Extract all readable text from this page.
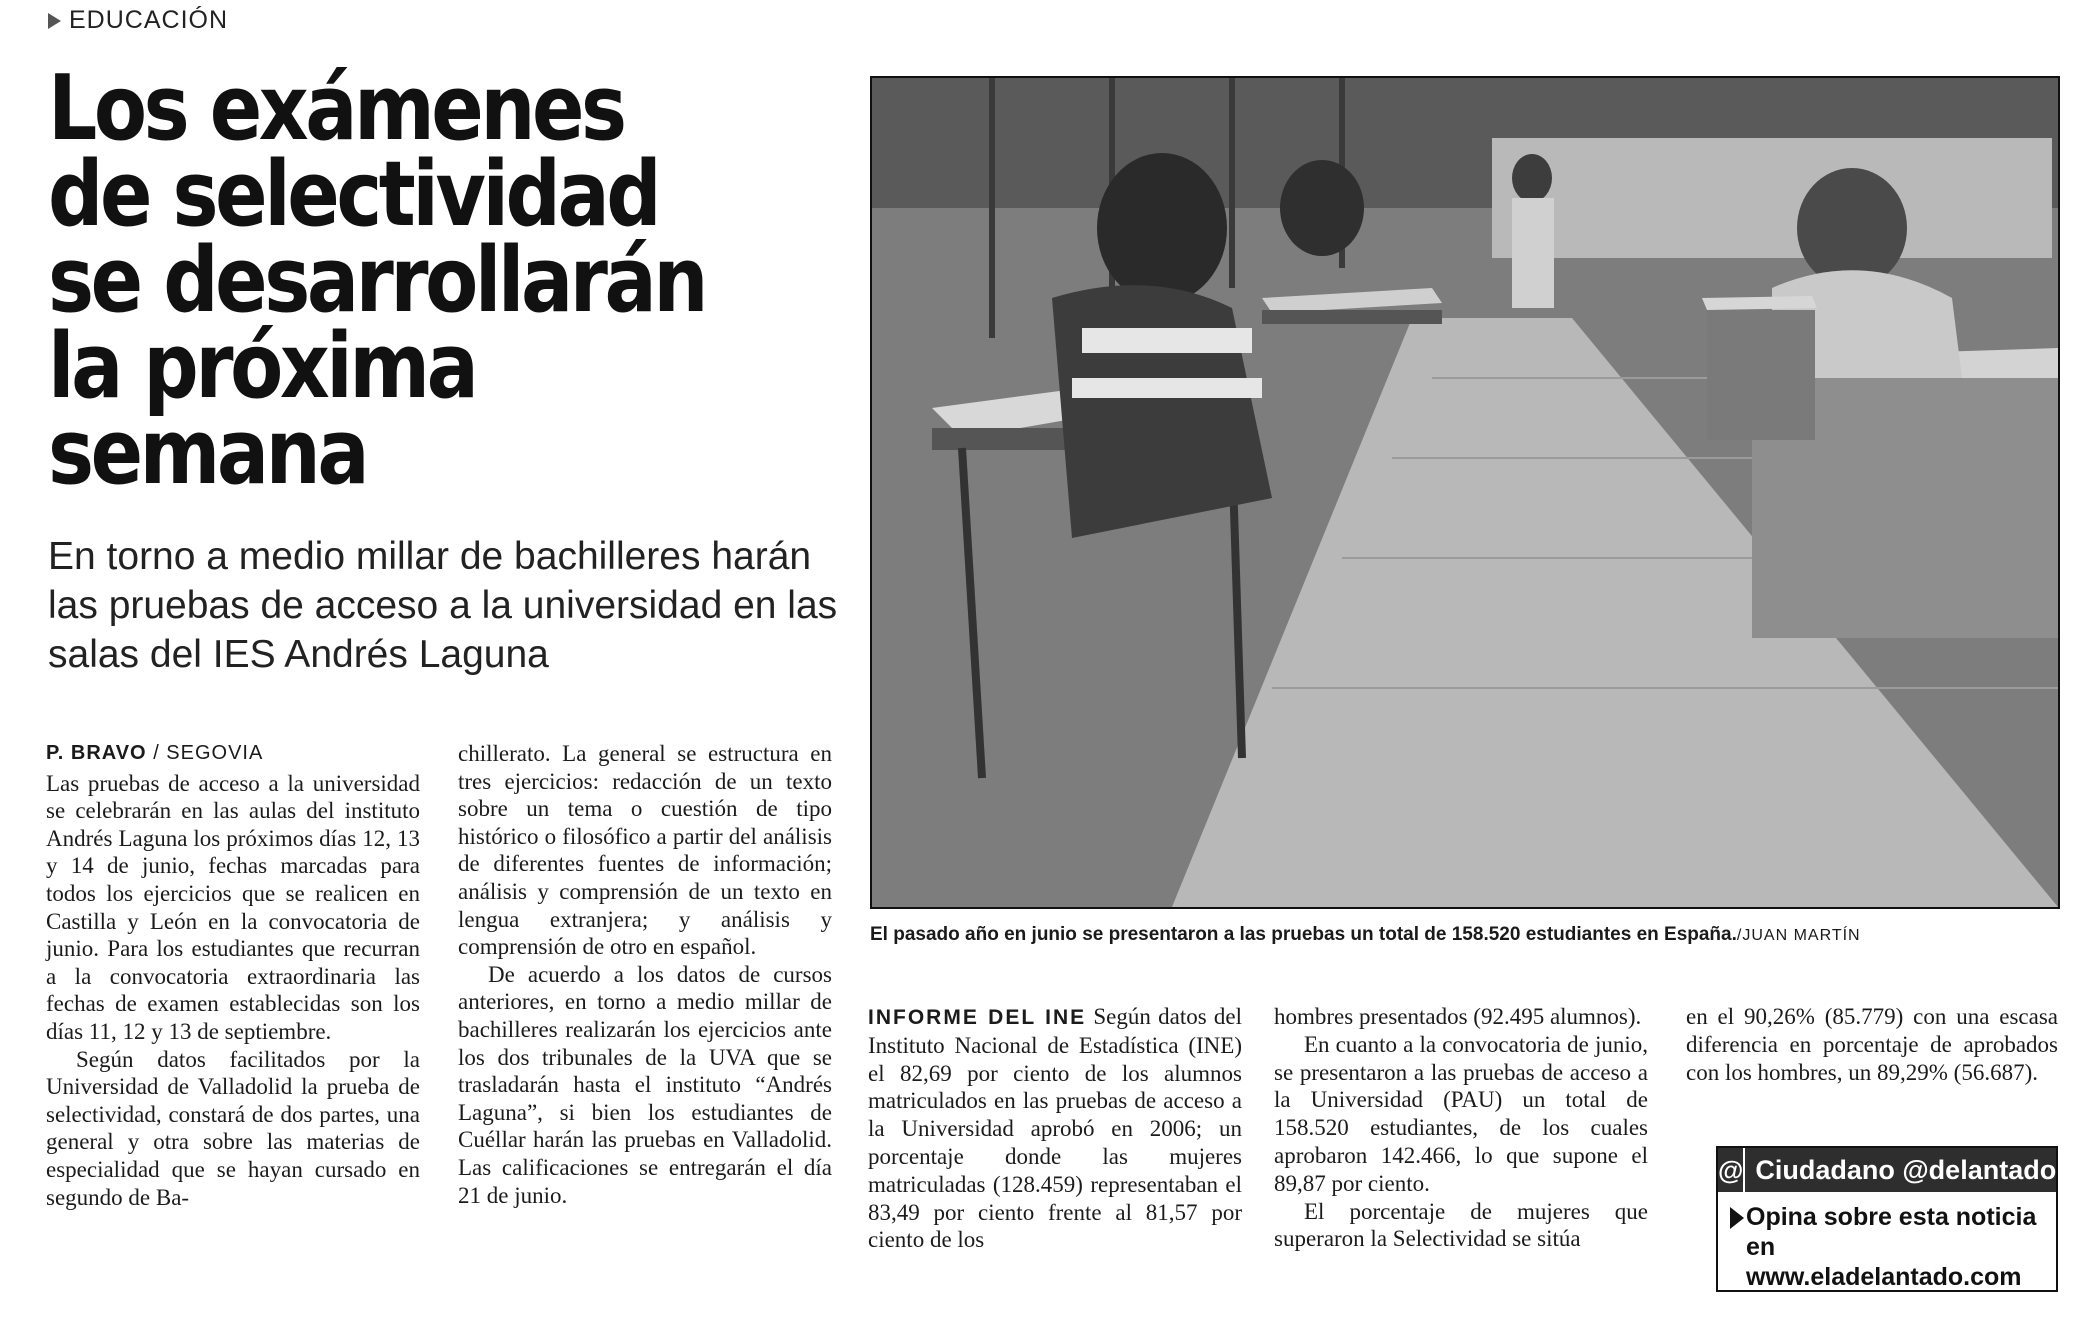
EDUCACIÓN
Los exámenes de selectividad se desarrollarán la próxima semana

En torno a medio millar de bachilleres harán las pruebas de acceso a la universidad en las salas del IES Andrés Laguna

P. BRAVO / SEGOVIA

Las pruebas de acceso a la universidad se celebrarán en las aulas del instituto Andrés Laguna los próximos días 12, 13 y 14 de junio, fechas marcadas para todos los ejercicios que se realicen en Castilla y León en la convocatoria de junio. Para los estudiantes que recurran a la convocatoria extraordinaria las fechas de examen establecidas son los días 11, 12 y 13 de septiembre.

Según datos facilitados por la Universidad de Valladolid la prueba de selectividad, constará de dos partes, una general y otra sobre las materias de especialidad que se hayan cursado en segundo de Ba-

chillerato. La general se estructura en tres ejercicios: redacción de un texto sobre un tema o cuestión de tipo histórico o filosófico a partir del análisis de diferentes fuentes de información; análisis y comprensión de un texto en lengua extranjera; y análisis y comprensión de otro en español.

De acuerdo a los datos de cursos anteriores, en torno a medio millar de bachilleres realizarán los ejercicios ante los dos tribunales de la UVA que se trasladarán hasta el instituto “Andrés Laguna”, si bien los estudiantes de Cuéllar harán las pruebas en Valladolid. Las calificaciones se entregarán el día 21 de junio.

El pasado año en junio se presentaron a las pruebas un total de 158.520 estudiantes en España./JUAN MARTÍN

INFORME DEL INE Según datos del Instituto Nacional de Estadística (INE) el 82,69 por ciento de los alumnos matriculados en las pruebas de acceso a la Universidad aprobó en 2006; un porcentaje donde las mujeres matriculadas (128.459) representaban el 83,49 por ciento frente al 81,57 por ciento de los

hombres presentados (92.495 alumnos).

En cuanto a la convocatoria de junio, se presentaron a las pruebas de acceso a la Universidad (PAU) un total de 158.520 estudiantes, de los cuales aprobaron 142.466, lo que supone el 89,87 por ciento.

El porcentaje de mujeres que superaron la Selectividad se sitúa

en el 90,26% (85.779) con una escasa diferencia en porcentaje de aprobados con los hombres, un 89,29% (56.687).

@ Ciudadano @delantado
Opina sobre esta noticia en
www.eladelantado.com
